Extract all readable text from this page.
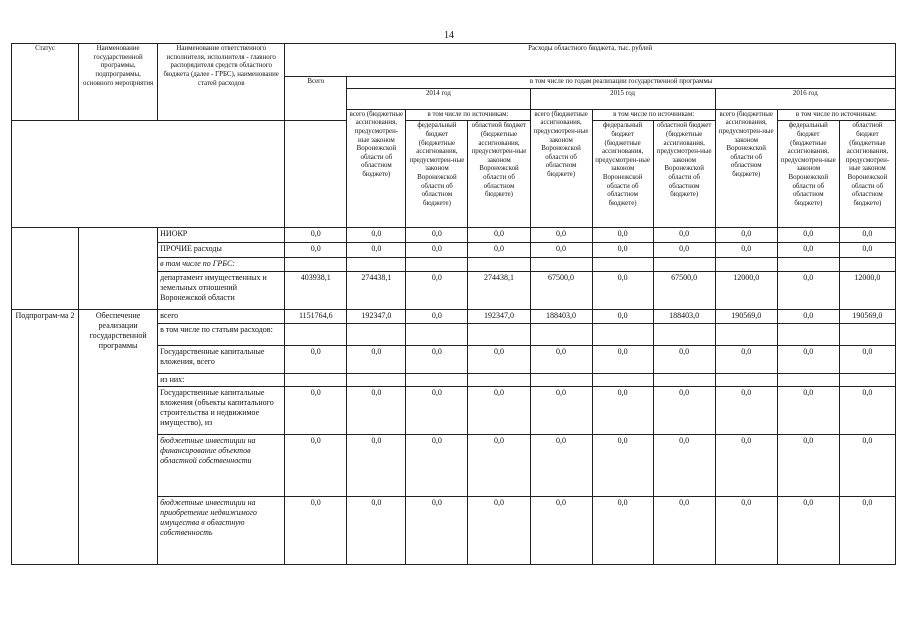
14
Статус	Наименование государственной программы, подпрограммы, основного мероприятия	Наименование ответственного исполнителя, исполнителя - главного распорядителя средств областного бюджета (далее - ГРБС), наименование статей расходов	Расходы областного бюджета, тыс. рублей									
			Всего	в том числе по годам реализации государственной программы								
				2014 год			2015 год			2016 год		
				всего (бюджетные ассигнования, предусмотрен-ные законом Воронежской области об областном бюджете)	в том числе по источникам:		всего (бюджетные ассигнования, предусмотрен-ные законом Воронежской области об областном бюджете)	в том числе по источникам:		всего (бюджетные ассигнования, предусмотрен-ные законом Воронежской области об областном бюджете)	в том числе по источникам:	
					федеральный бюджет (бюджетные ассигнования, предусмотрен-ные законом Воронежской области об областном бюджете)	областной бюджет (бюджетные ассигнования, предусмотрен-ные законом Воронежской области об областном бюджете)		федеральный бюджет (бюджетные ассигнования, предусмотрен-ные законом Воронежской области об областном бюджете)	областной бюджет (бюджетные ассигнования, предусмотрен-ные законом Воронежской области об областном бюджете)		федеральный бюджет (бюджетные ассигнования, предусмотрен-ные законом Воронежской области об областном бюджете)	областной бюджет (бюджетные ассигнования, предусмотрен-ные законом Воронежской области об областном бюджете)
		НИОКР	0,0	0,0	0,0	0,0	0,0	0,0	0,0	0,0	0,0	0,0
		ПРОЧИЕ расходы	0,0	0,0	0,0	0,0	0,0	0,0	0,0	0,0	0,0	0,0
		в том числе по ГРБС:										
		департамент имущественных и земельных отношений Воронежской области	403938,1	274438,1	0,0	274438,1	67500,0	0,0	67500,0	12000,0	0,0	12000,0
Подпрограм-ма 2	Обеспечение реализации государственной программы	всего	1151764,6	192347,0	0,0	192347,0	188403,0	0,0	188403,0	190569,0	0,0	190569,0
		в том числе по статьям расходов:										
		Государственные капитальные вложения, всего	0,0	0,0	0,0	0,0	0,0	0,0	0,0	0,0	0,0	0,0
		из них:										
		Государственные капитальные вложения (объекты капитального строительства и недвижимое имущество), из	0,0	0,0	0,0	0,0	0,0	0,0	0,0	0,0	0,0	0,0
		бюджетные инвестиции на финансирование объектов областной собственности	0,0	0,0	0,0	0,0	0,0	0,0	0,0	0,0	0,0	0,0
		бюджетные инвестиции на приобретение недвижимого имущества в областную собственность	0,0	0,0	0,0	0,0	0,0	0,0	0,0	0,0	0,0	0,0
